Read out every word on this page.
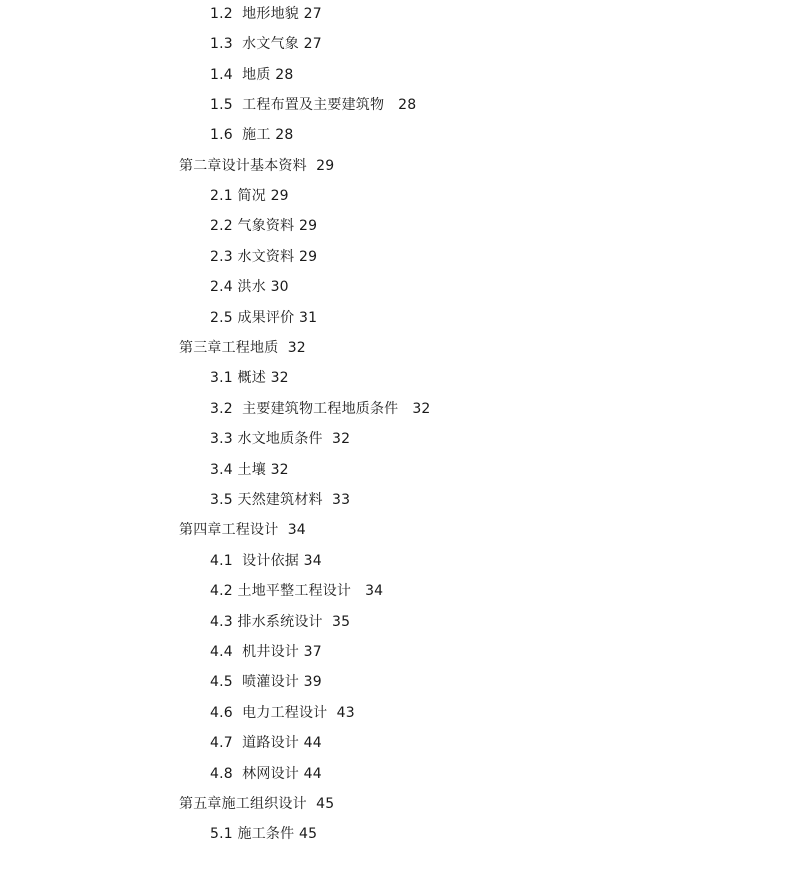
1.2  地形地貌 27
1.3  水文气象 27
1.4  地质 28
1.5  工程布置及主要建筑物   28
1.6  施工 28
第二章设计基本资料  29
2.1 简况 29
2.2 气象资料 29
2.3 水文资料 29
2.4 洪水 30
2.5 成果评价 31
第三章工程地质  32
3.1 概述 32
3.2  主要建筑物工程地质条件   32
3.3 水文地质条件  32
3.4 土壤 32
3.5 天然建筑材料  33
第四章工程设计  34
4.1  设计依据 34
4.2 土地平整工程设计   34
4.3 排水系统设计  35
4.4  机井设计 37
4.5  喷灌设计 39
4.6  电力工程设计  43
4.7  道路设计 44
4.8  林网设计 44
第五章施工组织设计  45
5.1 施工条件 45
